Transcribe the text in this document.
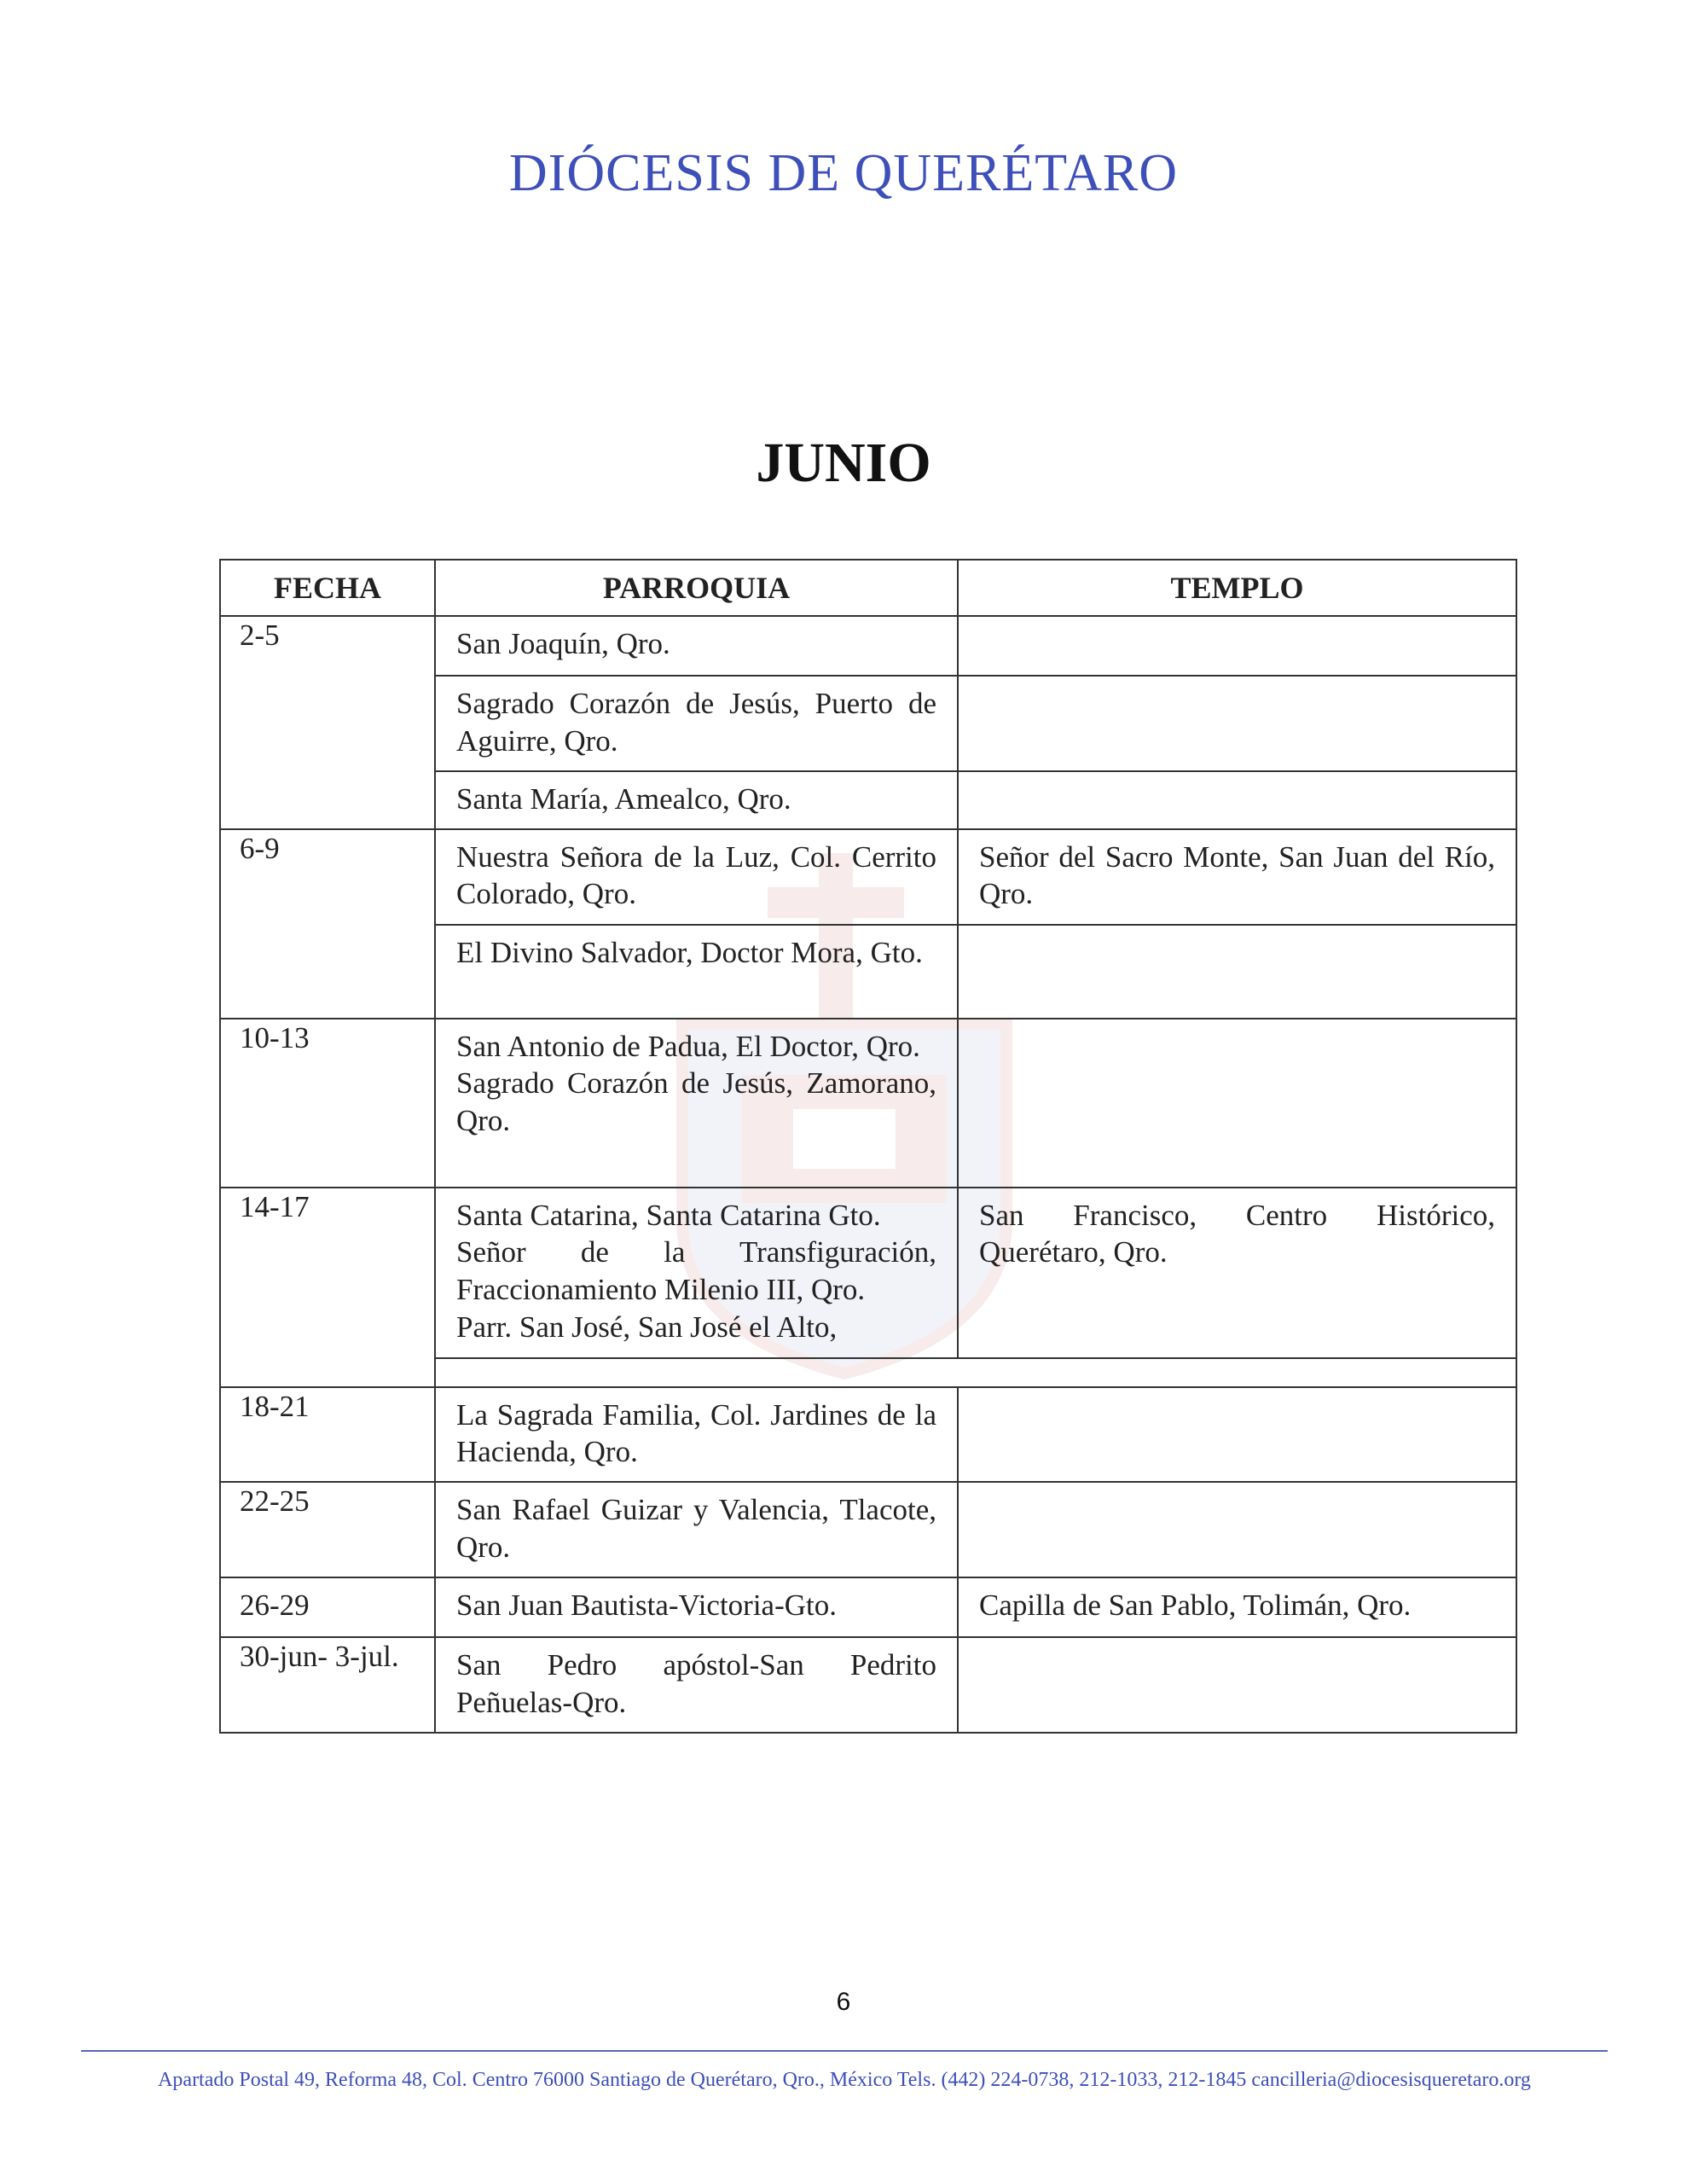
DIÓCESIS DE QUERÉTARO
JUNIO
FECHA	PARROQUIA	TEMPLO
2-5	San Joaquín, Qro.	
	Sagrado Corazón de Jesús, Puerto de Aguirre, Qro.	
	Santa María, Amealco, Qro.	
6-9	Nuestra Señora de la Luz, Col. Cerrito Colorado, Qro.	Señor del Sacro Monte, San Juan del Río, Qro.
	El Divino Salvador, Doctor Mora, Gto.	
10-13	San Antonio de Padua, El Doctor, Qro.
Sagrado Corazón de Jesús, Zamorano, Qro.	

14-17	Santa Catarina, Santa Catarina Gto.
Señor de la Transfiguración, Fraccionamiento Milenio III, Qro.
Parr. San José, San José el Alto,	San Francisco, Centro Histórico, Querétaro, Qro.

18-21	La Sagrada Familia, Col. Jardines de la Hacienda, Qro.	
22-25	San Rafael Guizar y Valencia, Tlacote, Qro.	
26-29	San Juan Bautista-Victoria-Gto.	Capilla de San Pablo, Tolimán, Qro.
30-jun- 3-jul.	San Pedro apóstol-San Pedrito Peñuelas-Qro.	
6
Apartado Postal 49, Reforma 48, Col. Centro 76000 Santiago de Querétaro, Qro., México Tels. (442) 224-0738, 212-1033, 212-1845 cancilleria@diocesisqueretaro.org
